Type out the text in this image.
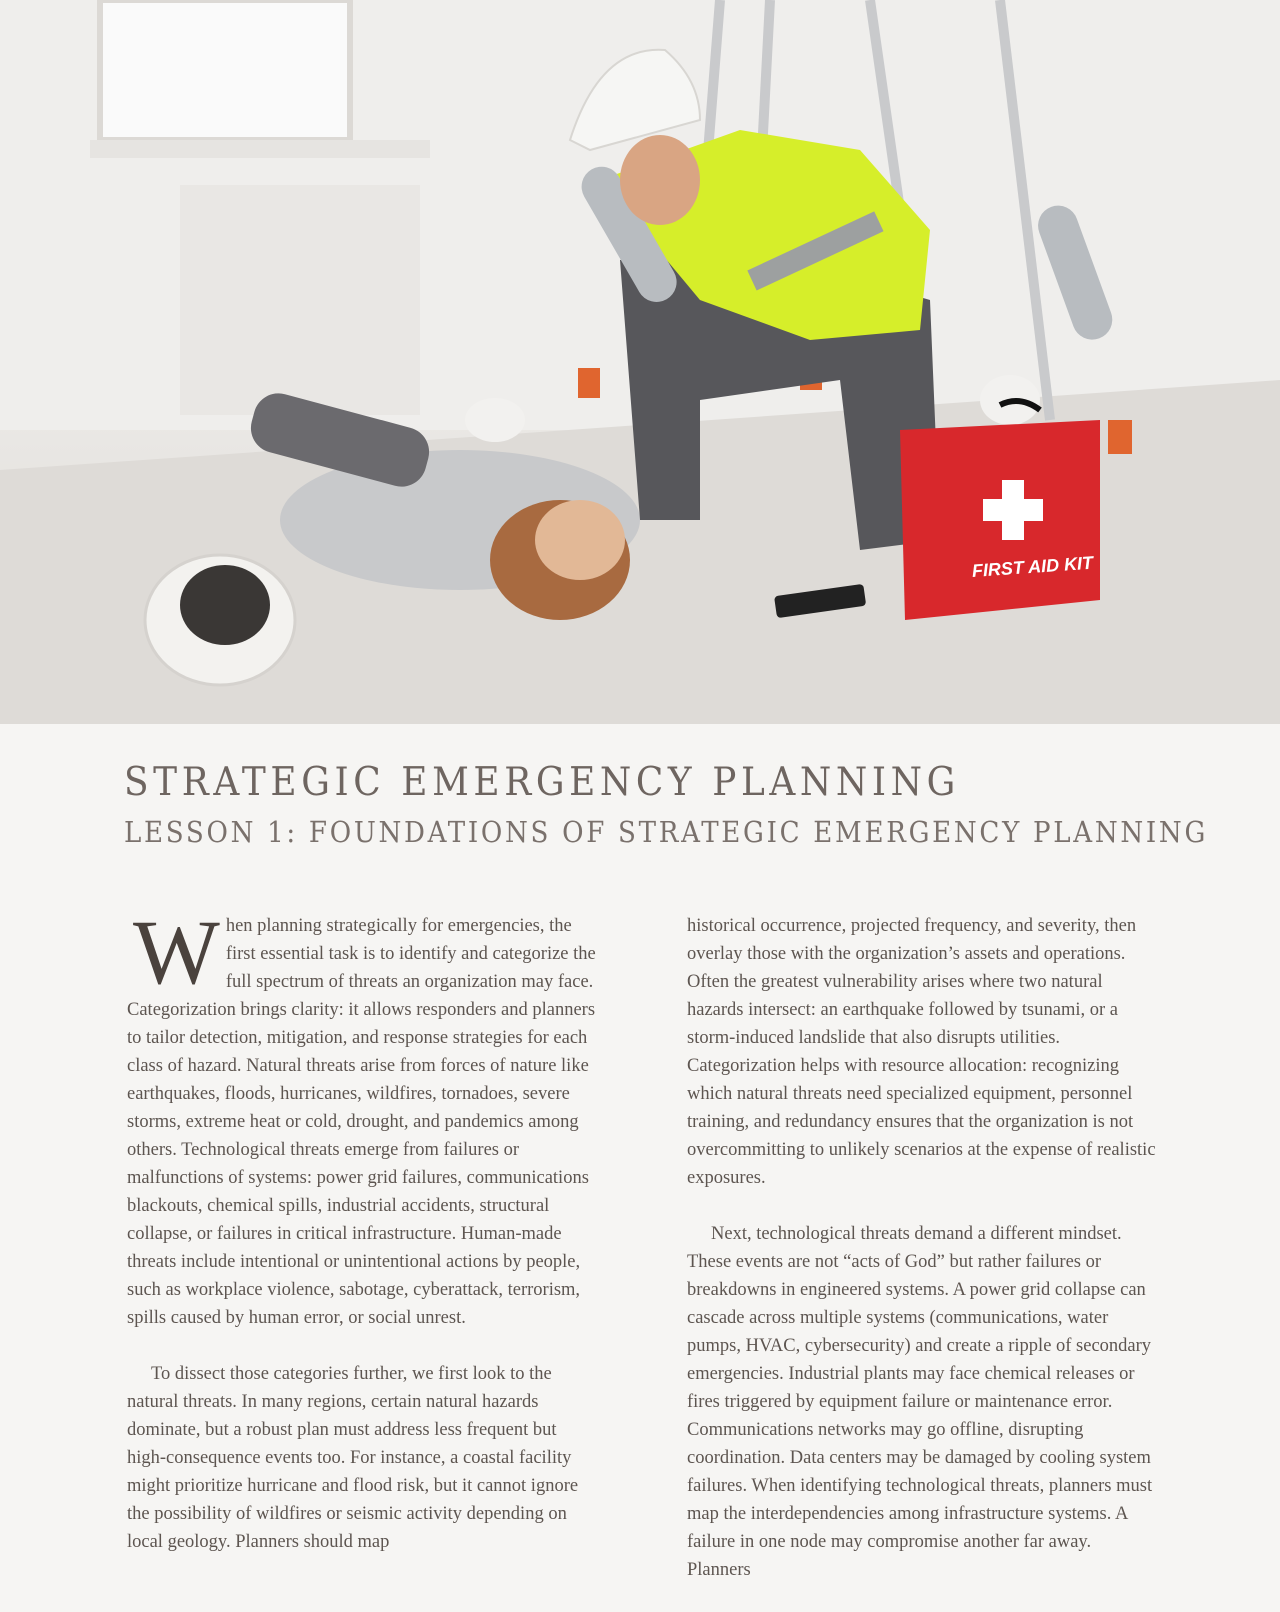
FIRST AID KIT
STRATEGIC EMERGENCY PLANNING
LESSON 1: FOUNDATIONS OF STRATEGIC EMERGENCY PLANNING

When planning strategically for emergencies, the first essential task is to identify and categorize the full spectrum of threats an organization may face. Categorization brings clarity: it allows responders and planners to tailor detection, mitigation, and response strategies for each class of hazard. Natural threats arise from forces of nature like earthquakes, floods, hurricanes, wildfires, tornadoes, severe storms, extreme heat or cold, drought, and pandemics among others. Technological threats emerge from failures or malfunctions of systems: power grid failures, communications blackouts, chemical spills, industrial accidents, structural collapse, or failures in critical infrastructure. Human-made threats include intentional or unintentional actions by people, such as workplace violence, sabotage, cyberattack, terrorism, spills caused by human error, or social unrest.

To dissect those categories further, we first look to the natural threats. In many regions, certain natural hazards dominate, but a robust plan must address less frequent but high-consequence events too. For instance, a coastal facility might prioritize hurricane and flood risk, but it cannot ignore the possibility of wildfires or seismic activity depending on local geology. Planners should map

historical occurrence, projected frequency, and severity, then overlay those with the organization’s assets and operations. Often the greatest vulnerability arises where two natural hazards intersect: an earthquake followed by tsunami, or a storm-induced landslide that also disrupts utilities. Categorization helps with resource allocation: recognizing which natural threats need specialized equipment, personnel training, and redundancy ensures that the organization is not overcommitting to unlikely scenarios at the expense of realistic exposures.

Next, technological threats demand a different mindset. These events are not “acts of God” but rather failures or breakdowns in engineered systems. A power grid collapse can cascade across multiple systems (communications, water pumps, HVAC, cybersecurity) and create a ripple of secondary emergencies. Industrial plants may face chemical releases or fires triggered by equipment failure or maintenance error. Communications networks may go offline, disrupting coordination. Data centers may be damaged by cooling system failures. When identifying technological threats, planners must map the interdependencies among infrastructure systems. A failure in one node may compromise another far away. Planners
